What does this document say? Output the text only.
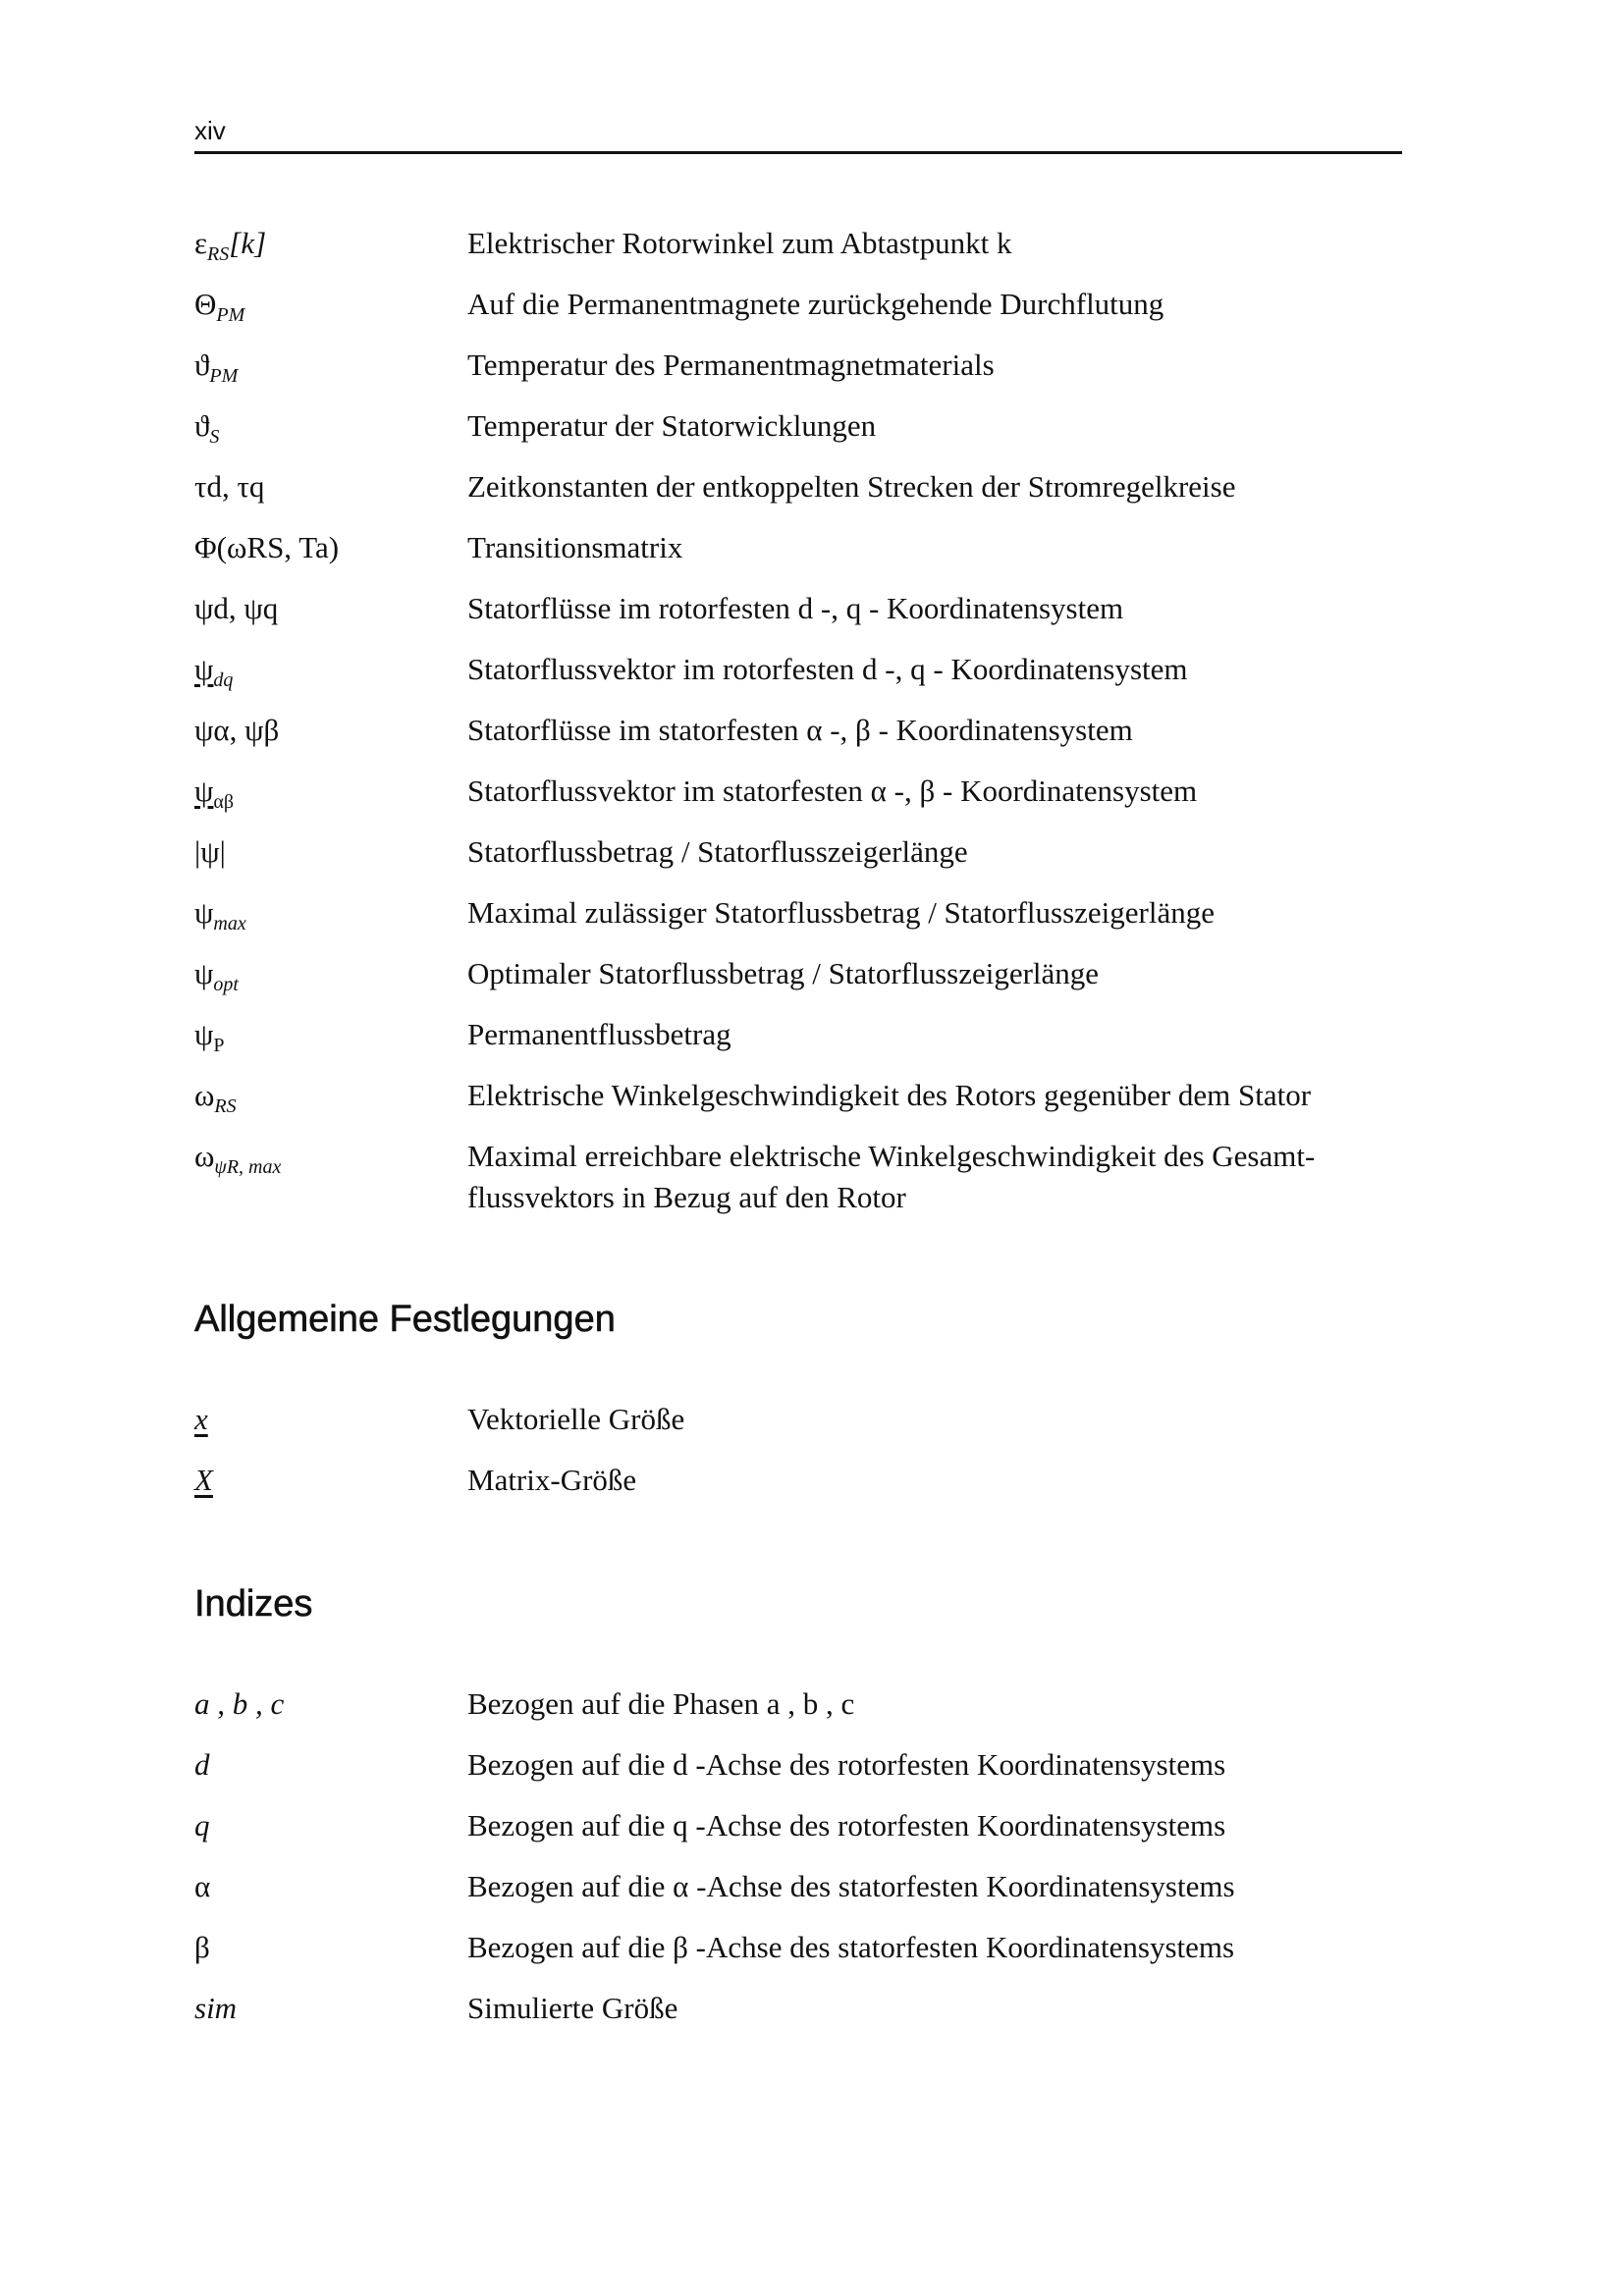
xiv
$\varepsilon_{RS}[k]$	Elektrischer Rotorwinkel zum Abtastpunkt k
$\Theta_{PM}$	Auf die Permanentmagnete zurückgehende Durchflutung
$ϑ_{PM}$	Temperatur des Permanentmagnetmaterials
$ϑ_S$	Temperatur der Statorwicklungen
τd, τq	Zeitkonstanten der entkoppelten Strecken der Stromregelkreise
Φ(ωRS, Ta)	Transitionsmatrix
ψd, ψq	Statorflüsse im rotorfesten d -, q - Koordinatensystem
$\psi_{dq}$	Statorflussvektor im rotorfesten d -, q - Koordinatensystem
ψα, ψβ	Statorflüsse im statorfesten α -, β - Koordinatensystem
$\psi_{\alpha\beta}$	Statorflussvektor im statorfesten α -, β - Koordinatensystem
|ψ|	Statorflussbetrag / Statorflusszeigerlänge
$\psi_{max}$	Maximal zulässiger Statorflussbetrag / Statorflusszeigerlänge
$\psi_{opt}$	Optimaler Statorflussbetrag / Statorflusszeigerlänge
$\psi_P$	Permanentflussbetrag
$\omega_{RS}$	Elektrische Winkelgeschwindigkeit des Rotors gegenüber dem Stator
$\omega_{\psi R, max}$	Maximal erreichbare elektrische Winkelgeschwindigkeit des Gesamt-flussvektors in Bezug auf den Rotor
Allgemeine Festlegungen
x	Vektorielle Größe
X	Matrix-Größe
Indizes
a , b , c	Bezogen auf die Phasen a , b , c
d	Bezogen auf die d -Achse des rotorfesten Koordinatensystems
q	Bezogen auf die q -Achse des rotorfesten Koordinatensystems
α	Bezogen auf die α -Achse des statorfesten Koordinatensystems
β	Bezogen auf die β -Achse des statorfesten Koordinatensystems
sim	Simulierte Größe
